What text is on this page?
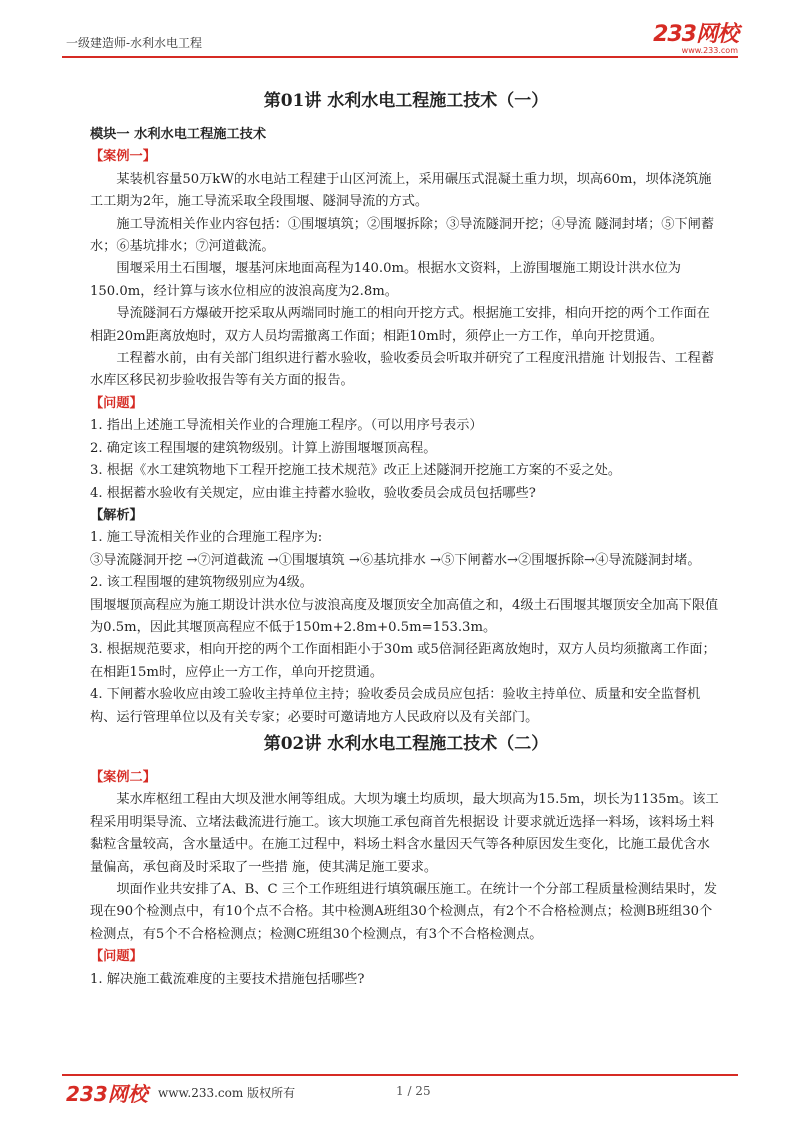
一级建造师-水利水电工程	233网校
www.233.com
第01讲 水利水电工程施工技术（一）

模块一 水利水电工程施工技术

【案例一】

某装机容量50万kW的水电站工程建于山区河流上，采用碾压式混凝土重力坝，坝高60m，坝体浇筑施工工期为2年，施工导流采取全段围堰、隧洞导流的方式。

施工导流相关作业内容包括：①围堰填筑；②围堰拆除；③导流隧洞开挖；④导流 隧洞封堵；⑤下闸蓄水；⑥基坑排水；⑦河道截流。

围堰采用土石围堰，堰基河床地面高程为140.0m。根据水文资料，上游围堰施工期设计洪水位为150.0m，经计算与该水位相应的波浪高度为2.8m。

导流隧洞石方爆破开挖采取从两端同时施工的相向开挖方式。根据施工安排，相向开挖的两个工作面在相距20m距离放炮时，双方人员均需撤离工作面；相距10m时，须停止一方工作，单向开挖贯通。

工程蓄水前，由有关部门组织进行蓄水验收，验收委员会听取并研究了工程度汛措施 计划报告、工程蓄水库区移民初步验收报告等有关方面的报告。

【问题】

1. 指出上述施工导流相关作业的合理施工程序。（可以用序号表示）

2. 确定该工程围堰的建筑物级别。计算上游围堰堰顶高程。

3. 根据《水工建筑物地下工程开挖施工技术规范》改正上述隧洞开挖施工方案的不妥之处。

4. 根据蓄水验收有关规定，应由谁主持蓄水验收，验收委员会成员包括哪些?

【解析】

1. 施工导流相关作业的合理施工程序为:

③导流隧洞开挖 →⑦河道截流 →①围堰填筑 →⑥基坑排水 →⑤下闸蓄水→②围堰拆除→④导流隧洞封堵。

2. 该工程围堰的建筑物级别应为4级。

围堰堰顶高程应为施工期设计洪水位与波浪高度及堰顶安全加高值之和，4级土石围堰其堰顶安全加高下限值为0.5m，因此其堰顶高程应不低于150m+2.8m+0.5m=153.3m。

3. 根据规范要求，相向开挖的两个工作面相距小于30m 或5倍洞径距离放炮时，双方人员均须撤离工作面；在相距15m时，应停止一方工作，单向开挖贯通。

4. 下闸蓄水验收应由竣工验收主持单位主持；验收委员会成员应包括：验收主持单位、质量和安全监督机构、运行管理单位以及有关专家；必要时可邀请地方人民政府以及有关部门。

第02讲 水利水电工程施工技术（二）

【案例二】

某水库枢纽工程由大坝及泄水闸等组成。大坝为壤土均质坝，最大坝高为15.5m，坝长为1135m。该工程采用明渠导流、立堵法截流进行施工。该大坝施工承包商首先根据设 计要求就近选择一料场，该料场土料黏粒含量较高，含水量适中。在施工过程中，料场土料含水量因天气等各种原因发生变化，比施工最优含水量偏高，承包商及时采取了一些措 施，使其满足施工要求。

坝面作业共安排了A、B、C 三个工作班组进行填筑碾压施工。在统计一个分部工程质量检测结果时，发现在90个检测点中，有10个点不合格。其中检测A班组30个检测点，有2个不合格检测点；检测B班组30个检测点，有5个不合格检测点；检测C班组30个检测点，有3个不合格检测点。

【问题】

1. 解决施工截流难度的主要技术措施包括哪些?

233网校 www.233.com 版权所有	1 / 25
